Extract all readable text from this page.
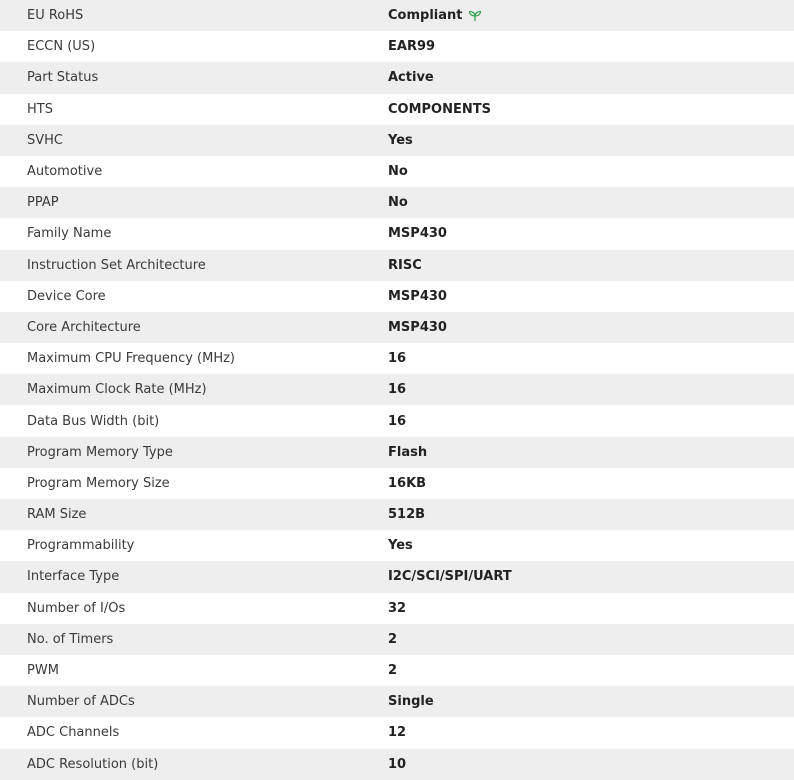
EU RoHS	Compliant
ECCN (US)	EAR99
Part Status	Active
HTS	COMPONENTS
SVHC	Yes
Automotive	No
PPAP	No
Family Name	MSP430
Instruction Set Architecture	RISC
Device Core	MSP430
Core Architecture	MSP430
Maximum CPU Frequency (MHz)	16
Maximum Clock Rate (MHz)	16
Data Bus Width (bit)	16
Program Memory Type	Flash
Program Memory Size	16KB
RAM Size	512B
Programmability	Yes
Interface Type	I2C/SCI/SPI/UART
Number of I/Os	32
No. of Timers	2
PWM	2
Number of ADCs	Single
ADC Channels	12
ADC Resolution (bit)	10
